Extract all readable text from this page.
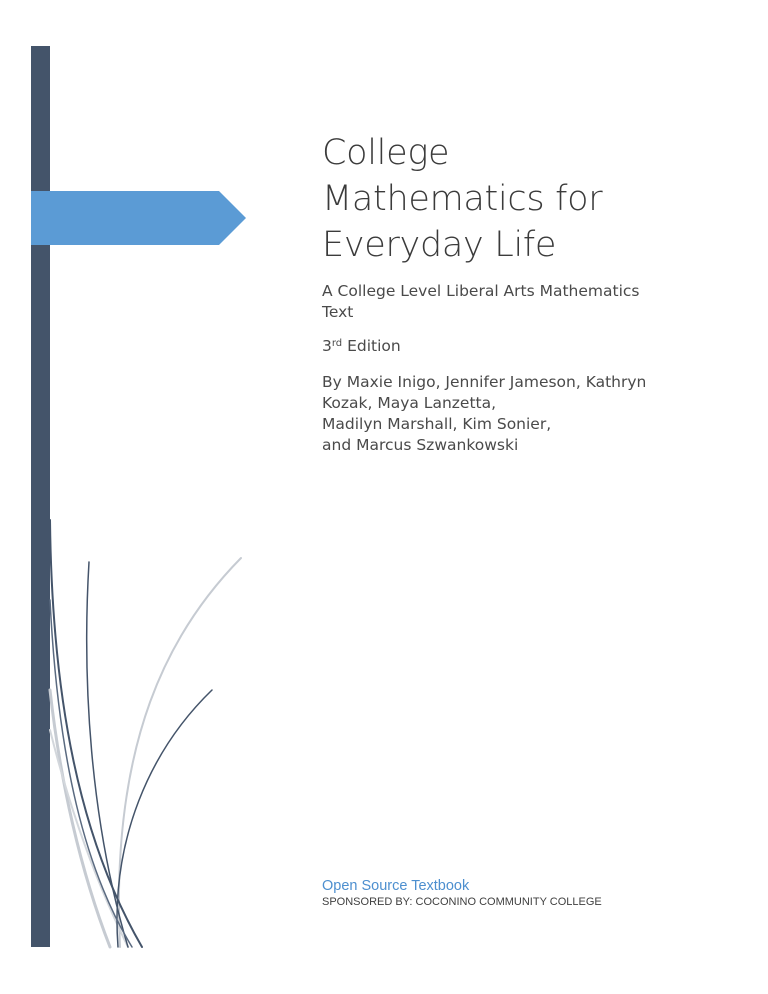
College
Mathematics for
Everyday Life

A College Level Liberal Arts Mathematics
Text

3rd Edition

By Maxie Inigo, Jennifer Jameson, Kathryn
Kozak, Maya Lanzetta,
Madilyn Marshall, Kim Sonier,
and Marcus Szwankowski

Open Source Textbook
SPONSORED BY: COCONINO COMMUNITY COLLEGE
